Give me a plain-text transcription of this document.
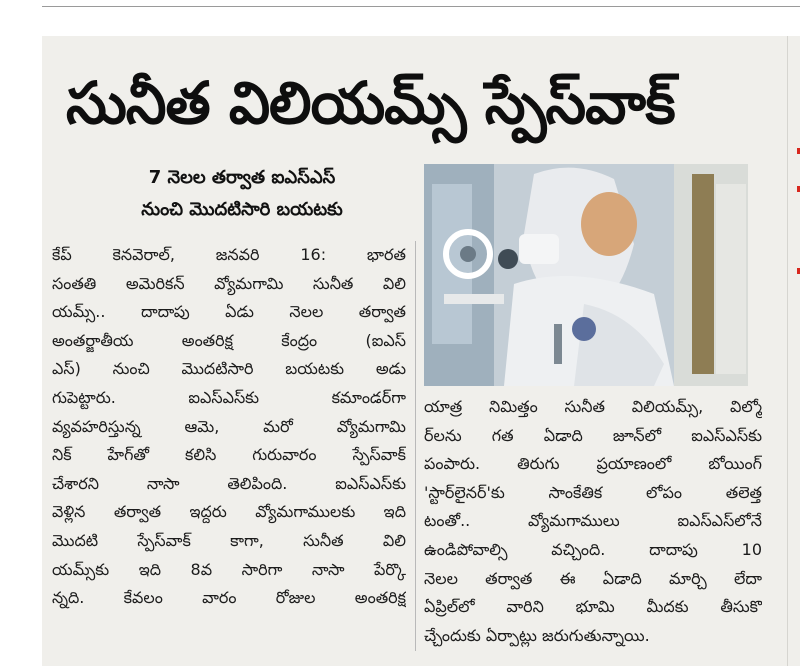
సునీత విలియమ్స్ స్పేస్‌వాక్
7 నెలల తర్వాత ఐఎస్ఎస్
నుంచి మొదటిసారి బయటకు
కేప్ కెనవెరాల్, జనవరి 16: భారత
సంతతి అమెరికన్ వ్యోమగామి సునీత విలి
యమ్స్.. దాదాపు ఏడు నెలల తర్వాత
అంతర్జాతీయ అంతరిక్ష కేంద్రం (ఐఎస్
ఎస్) నుంచి మొదటిసారి బయటకు అడు
గుపెట్టారు. ఐఎస్ఎస్‌కు కమాండర్‌గా
వ్యవహరిస్తున్న ఆమె, మరో వ్యోమగామి
నిక్ హేగ్‌తో కలిసి గురువారం స్పేస్‌వాక్
చేశారని నాసా తెలిపింది. ఐఎస్ఎస్‌కు
వెళ్లిన తర్వాత ఇద్దరు వ్యోమగాములకు ఇది
మొదటి స్పేస్‌వాక్ కాగా, సునీత విలి
యమ్స్‌కు ఇది 8వ సారిగా నాసా పేర్కొ
న్నది. కేవలం వారం రోజుల అంతరిక్ష
యాత్ర నిమిత్తం సునీత విలియమ్స్, విల్మో
ర్‌లను గత ఏడాది జూన్‌లో ఐఎస్ఎస్‌కు
పంపారు. తిరుగు ప్రయాణంలో బోయింగ్
'స్టార్‌లైనర్'కు సాంకేతిక లోపం తలెత్త
టంతో.. వ్యోమగాములు ఐఎస్ఎస్‌లోనే
ఉండిపోవాల్సి వచ్చింది. దాదాపు 10
నెలల తర్వాత ఈ ఏడాది మార్చి లేదా
ఏప్రిల్‌లో వారిని భూమి మీదకు తీసుకొ
చ్చేందుకు ఏర్పాట్లు జరుగుతున్నాయి.
